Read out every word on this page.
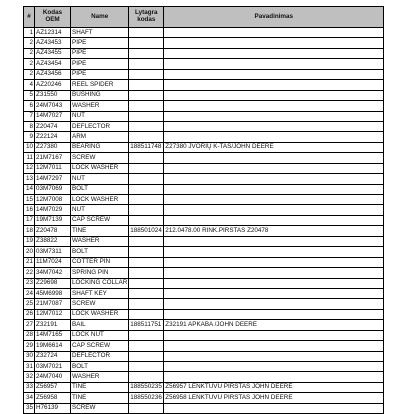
#	Kodas OEM	Name	Lytagra kodas	Pavadinimas
1	AZ12314	SHAFT		
2	AZ43453	PIPE		
2	AZ43455	PIPE		
2	AZ43454	PIPE		
2	AZ43456	PIPE		
4	AZ20246	REEL SPIDER		
5	Z31550	BUSHING		
6	24M7043	WASHER		
7	14M7027	NUT		
8	Z20474	DEFLECTOR		
9	Z22124	ARM		
10	Z27380	BEARING	188511748	Z27380 JVORIŲ K-TAS/JOHN DEERE
11	21M7167	SCREW		
12	12M7011	LOCK WASHER		
13	14M7297	NUT		
14	03M7069	BOLT		
15	12M7008	LOCK WASHER		
16	14M7029	NUT		
17	19M7139	CAP SCREW		
18	Z20478	TINE	188501024	212.0478.00 RINK.PIRSTAS Z20478
19	Z38822	WASHER		
20	03M7311	BOLT		
21	11M7024	COTTER PIN		
22	34M7042	SPRING PIN		
23	Z29698	LOCKING COLLAR		
24	45M6998	SHAFT KEY		
25	21M7087	SCREW		
26	12M7012	LOCK WASHER		
27	Z32191	BAIL	188511751	Z32191 APKABA /JOHN DEERE
28	14M7165	LOCK NUT		
29	19M6614	CAP SCREW		
30	Z32724	DEFLECTOR		
31	03M7021	BOLT		
32	24M7040	WASHER		
33	Z56957	TINE	188550235	Z56957 LENKTUVU PIRSTAS JOHN DEERE
34	Z56958	TINE	188550236	Z56958 LENKTUVU PIRSTAS JOHN DEERE
35	H76139	SCREW		
